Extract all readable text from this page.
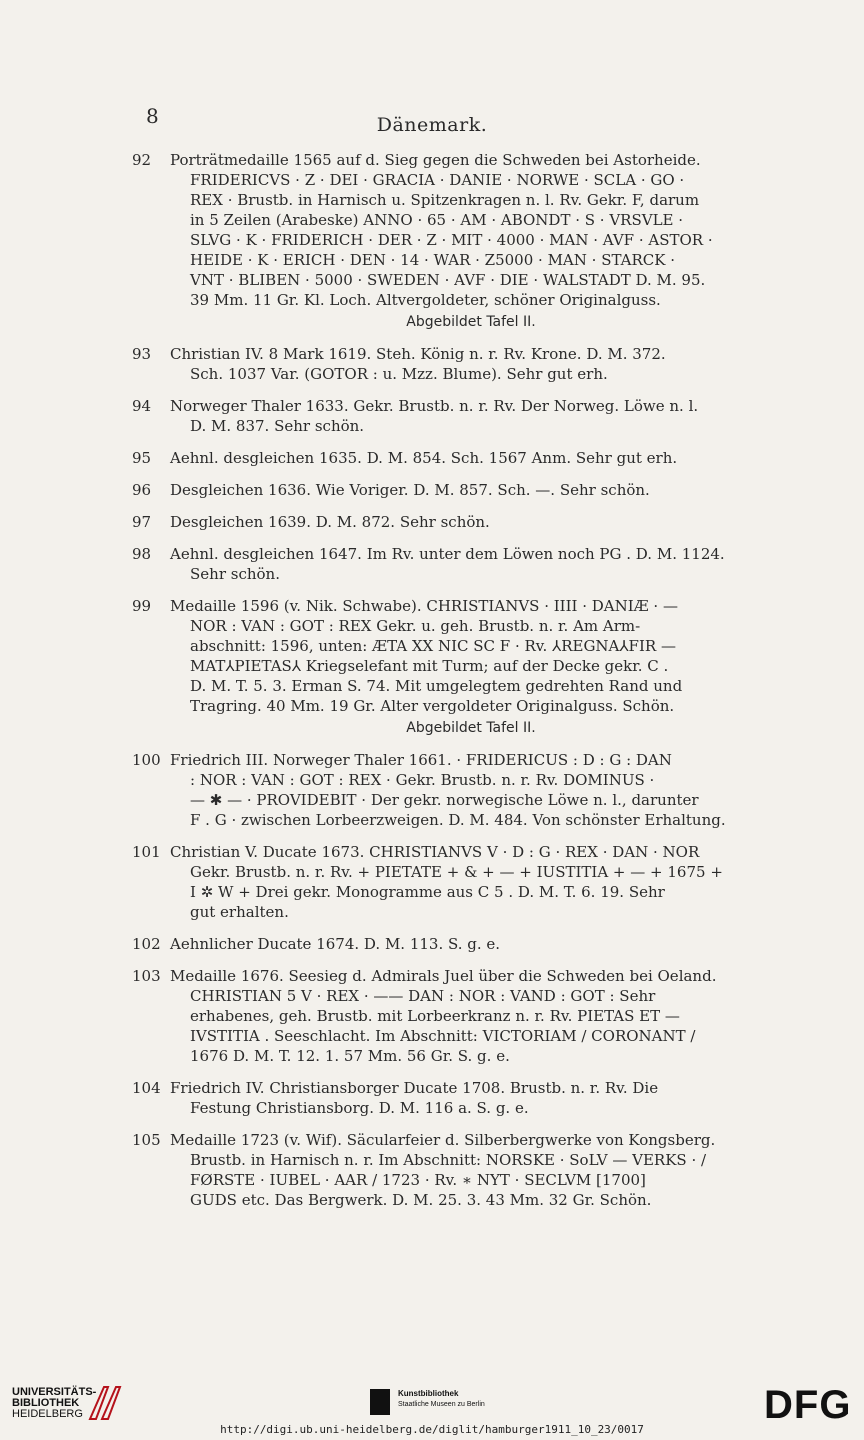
8	Dänemark.
92	Porträtmedaille 1565 auf d. Sieg gegen die Schweden bei Astorheide.
FRIDERICVS · Z · DEI · GRACIA · DANIE · NORWE · SCLA · GO ·
REX · Brustb. in Harnisch u. Spitzenkragen n. l. Rv. Gekr. F, darum
in 5 Zeilen (Arabeske) ANNO · 65 · AM · ABONDT · S · VRSVLE ·
SLVG · K · FRIDERICH · DER · Z · MIT · 4000 · MAN · AVF · ASTOR ·
HEIDE · K · ERICH · DEN · 14 · WAR · Z5000 · MAN · STARCK ·
VNT · BLIBEN · 5000 · SWEDEN · AVF · DIE · WALSTADT D. M. 95.
39 Mm. 11 Gr. Kl. Loch. Altvergoldeter, schöner Originalguss.
Abgebildet Tafel II.
93	Christian IV. 8 Mark 1619. Steh. König n. r. Rv. Krone. D. M. 372.
Sch. 1037 Var. (GOTOR : u. Mzz. Blume). Sehr gut erh.
94	Norweger Thaler 1633. Gekr. Brustb. n. r. Rv. Der Norweg. Löwe n. l.
D. M. 837. Sehr schön.
95	Aehnl. desgleichen 1635. D. M. 854. Sch. 1567 Anm. Sehr gut erh.
96	Desgleichen 1636. Wie Voriger. D. M. 857. Sch. —. Sehr schön.
97	Desgleichen 1639. D. M. 872. Sehr schön.
98	Aehnl. desgleichen 1647. Im Rv. unter dem Löwen noch PG . D. M. 1124.
Sehr schön.
99	Medaille 1596 (v. Nik. Schwabe). CHRISTIANVS · IIII · DANIÆ · —
NOR : VAN : GOT : REX Gekr. u. geh. Brustb. n. r. Am Arm-
abschnitt: 1596, unten: ÆTA XX NIC SC F · Rv. ⅄REGNA⅄FIR —
MAT⅄PIETAS⅄ Kriegselefant mit Turm; auf der Decke gekr. C .
D. M. T. 5. 3. Erman S. 74. Mit umgelegtem gedrehten Rand und
Tragring. 40 Mm. 19 Gr. Alter vergoldeter Originalguss. Schön.
Abgebildet Tafel II.
100 Friedrich III. Norweger Thaler 1661. · FRIDERICUS : D : G : DAN
: NOR : VAN : GOT : REX · Gekr. Brustb. n. r. Rv. DOMINUS ·
— ✱ — · PROVIDEBIT · Der gekr. norwegische Löwe n. l., darunter
F . G · zwischen Lorbeerzweigen. D. M. 484. Von schönster Erhaltung.
101 Christian V. Ducate 1673. CHRISTIANVS V · D : G · REX · DAN · NOR
Gekr. Brustb. n. r. Rv. + PIETATE + & + — + IUSTITIA + — + 1675 +
I ✲ W + Drei gekr. Monogramme aus C 5 . D. M. T. 6. 19. Sehr
gut erhalten.
102 Aehnlicher Ducate 1674. D. M. 113. S. g. e.
103 Medaille 1676. Seesieg d. Admirals Juel über die Schweden bei Oeland.
CHRISTIAN 5 V · REX · —— DAN : NOR : VAND : GOT : Sehr
erhabenes, geh. Brustb. mit Lorbeerkranz n. r. Rv. PIETAS ET —
IVSTITIA . Seeschlacht. Im Abschnitt: VICTORIAM / CORONANT /
1676 D. M. T. 12. 1. 57 Mm. 56 Gr. S. g. e.
104 Friedrich IV. Christiansborger Ducate 1708. Brustb. n. r. Rv. Die
Festung Christiansborg. D. M. 116 a. S. g. e.
105 Medaille 1723 (v. Wif). Säcularfeier d. Silberbergwerke von Kongsberg.
Brustb. in Harnisch n. r. Im Abschnitt: NORSKE · SoLV — VERKS · /
FØRSTE · IUBEL · AAR / 1723 · Rv. ∗ NYT · SECLVM [1700]
GUDS etc. Das Bergwerk. D. M. 25. 3. 43 Mm. 32 Gr. Schön.
UNIVERSITÄTS-
BIBLIOTHEK
HEIDELBERG
Kunstbibliothek
Staatliche Museen zu Berlin	DFG
http://digi.ub.uni-heidelberg.de/diglit/hamburger1911_10_23/0017
